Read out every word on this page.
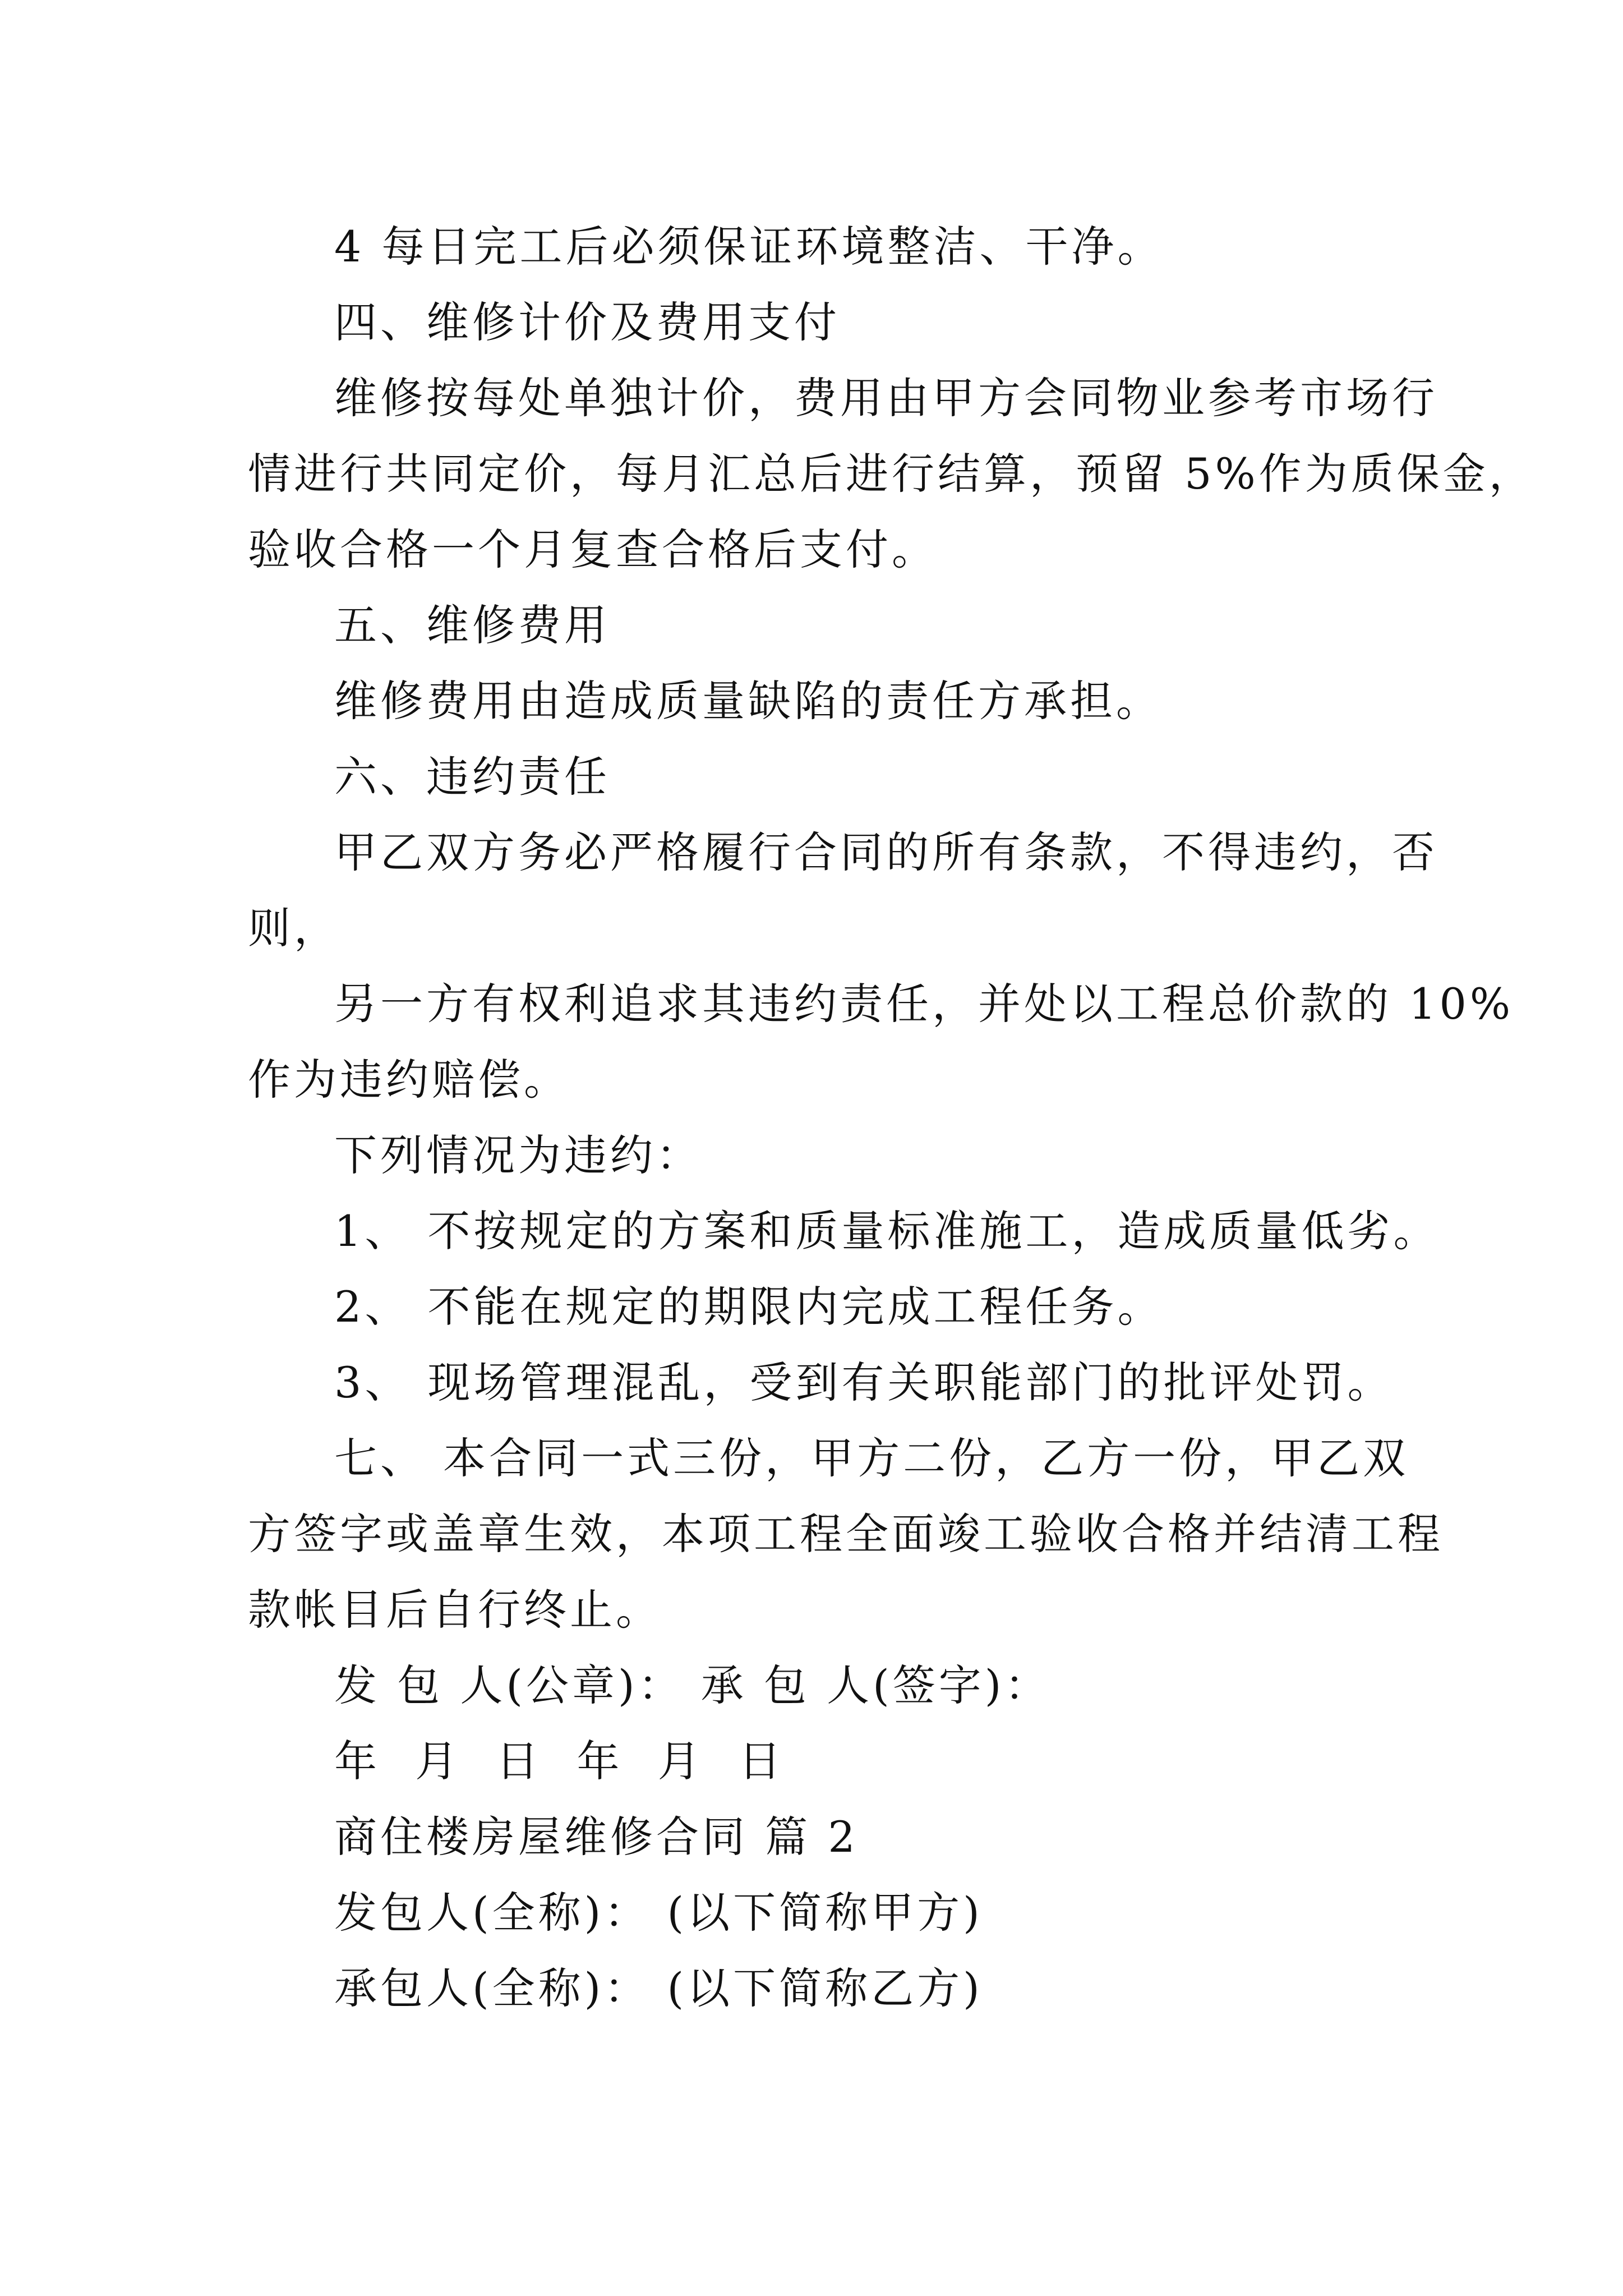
4 每日完工后必须保证环境整洁、干净。
四、维修计价及费用支付
维修按每处单独计价，费用由甲方会同物业参考市场行
情进行共同定价，每月汇总后进行结算，预留 5%作为质保金，
验收合格一个月复查合格后支付。
五、维修费用
维修费用由造成质量缺陷的责任方承担。
六、违约责任
甲乙双方务必严格履行合同的所有条款，不得违约，否
则，
另一方有权利追求其违约责任，并处以工程总价款的 10%
作为违约赔偿。
下列情况为违约：
1、 不按规定的方案和质量标准施工，造成质量低劣。
2、 不能在规定的期限内完成工程任务。
3、 现场管理混乱，受到有关职能部门的批评处罚。
七、 本合同一式三份，甲方二份，乙方一份，甲乙双
方签字或盖章生效，本项工程全面竣工验收合格并结清工程
款帐目后自行终止。
发 包 人(公章)： 承 包 人(签字)：
年 月 日 年 月 日
商住楼房屋维修合同 篇 2
发包人(全称)： (以下简称甲方)
承包人(全称)： (以下简称乙方)
